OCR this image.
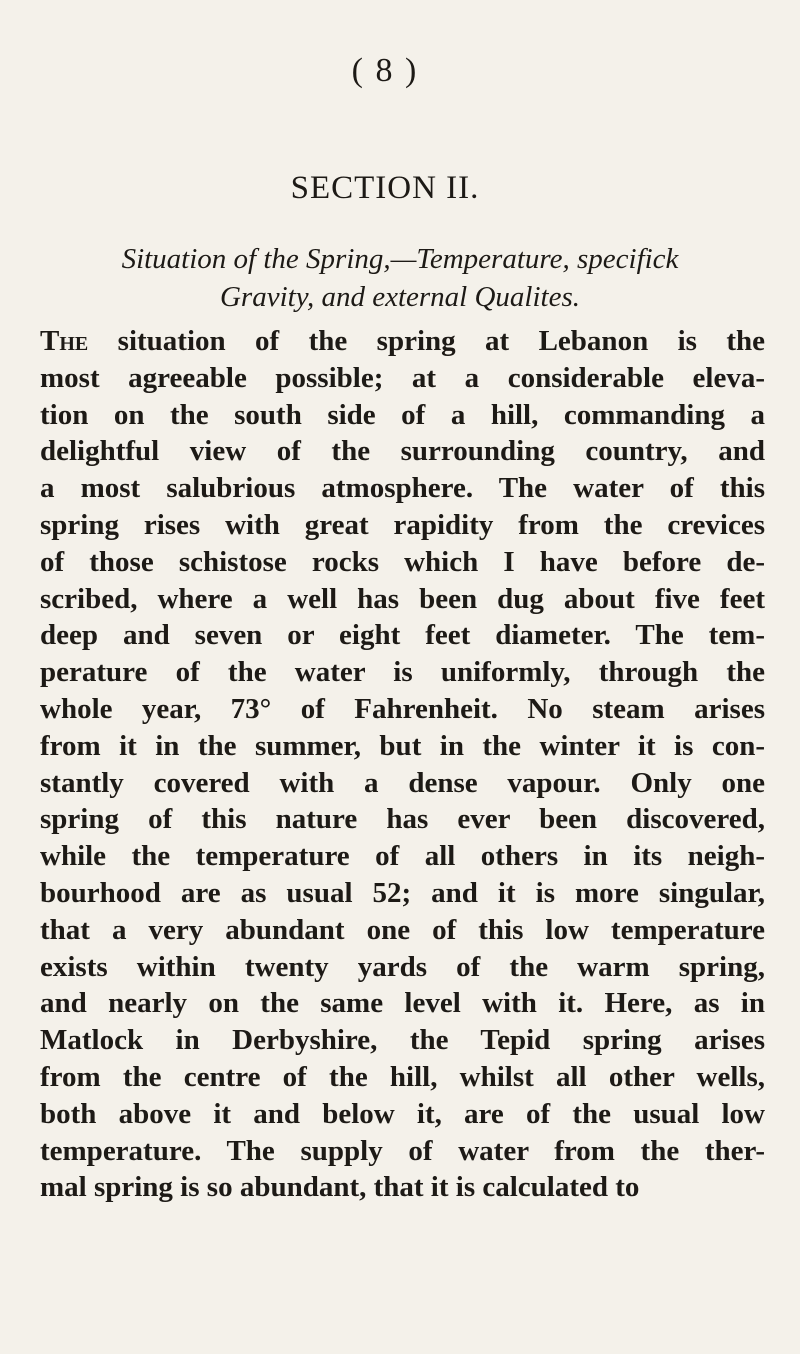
( 8 )
SECTION II.
Situation of the Spring,—Temperature, specifick
Gravity, and external Qualites.
The situation of the spring at Lebanon is the
most agreeable possible; at a considerable eleva-
tion on the south side of a hill, commanding a
delightful view of the surrounding country, and
a most salubrious atmosphere. The water of this
spring rises with great rapidity from the crevices
of those schistose rocks which I have before de-
scribed, where a well has been dug about five feet
deep and seven or eight feet diameter. The tem-
perature of the water is uniformly, through the
whole year, 73° of Fahrenheit. No steam arises
from it in the summer, but in the winter it is con-
stantly covered with a dense vapour. Only one
spring of this nature has ever been discovered,
while the temperature of all others in its neigh-
bourhood are as usual 52; and it is more singular,
that a very abundant one of this low temperature
exists within twenty yards of the warm spring,
and nearly on the same level with it. Here, as in
Matlock in Derbyshire, the Tepid spring arises
from the centre of the hill, whilst all other wells,
both above it and below it, are of the usual low
temperature. The supply of water from the ther-
mal spring is so abundant, that it is calculated to
